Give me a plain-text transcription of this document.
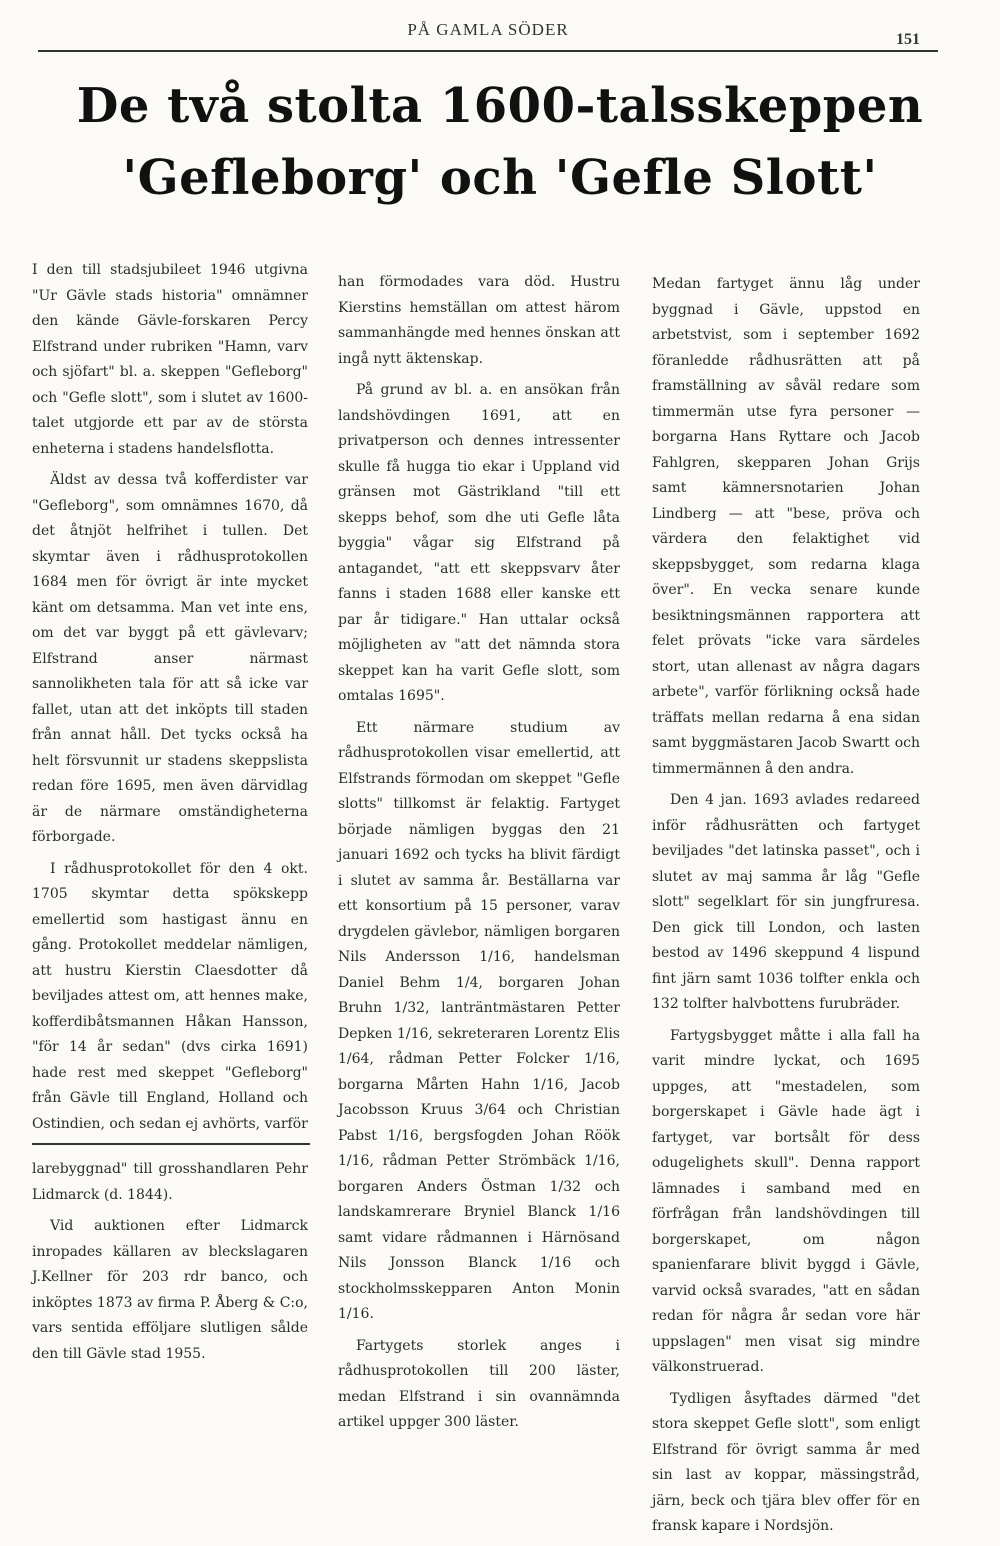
PÅ GAMLA SÖDER
151
De två stolta 1600-talsskeppen
'Gefleborg' och 'Gefle Slott'

I den till stadsjubileet 1946 utgivna "Ur Gävle stads historia" omnämner den kände Gävle-forskaren Percy Elfstrand under rubriken "Hamn, varv och sjöfart" bl. a. skeppen "Gefleborg" och "Gefle slott", som i slutet av 1600-talet utgjorde ett par av de största enheterna i stadens handelsflotta.

Äldst av dessa två kofferdister var "Gefleborg", som omnämnes 1670, då det åtnjöt helfrihet i tullen. Det skymtar även i rådhusprotokollen 1684 men för övrigt är inte mycket känt om detsamma. Man vet inte ens, om det var byggt på ett gävlevarv; Elfstrand anser närmast sannolikheten tala för att så icke var fallet, utan att det inköpts till staden från annat håll. Det tycks också ha helt försvunnit ur stadens skeppslista redan före 1695, men även därvidlag är de närmare omständigheterna förborgade.

I rådhusprotokollet för den 4 okt. 1705 skymtar detta spökskepp emellertid som hastigast ännu en gång. Protokollet meddelar nämligen, att hustru Kierstin Claesdotter då beviljades attest om, att hennes make, kofferdibåtsmannen Håkan Hansson, "för 14 år sedan" (dvs cirka 1691) hade rest med skeppet "Gefleborg" från Gävle till England, Holland och Ostindien, och sedan ej avhörts, varför

larebyggnad" till grosshandlaren Pehr Lidmarck (d. 1844).

Vid auktionen efter Lidmarck inropades källaren av bleckslagaren J.Kellner för 203 rdr banco, och inköptes 1873 av firma P. Åberg & C:o, vars sentida efföljare slutligen sålde den till Gävle stad 1955.

han förmodades vara död. Hustru Kierstins hemställan om attest härom sammanhängde med hennes önskan att ingå nytt äktenskap.

På grund av bl. a. en ansökan från landshövdingen 1691, att en privatperson och dennes intressenter skulle få hugga tio ekar i Uppland vid gränsen mot Gästrikland "till ett skepps behof, som dhe uti Gefle låta byggia" vågar sig Elfstrand på antagandet, "att ett skeppsvarv åter fanns i staden 1688 eller kanske ett par år tidigare." Han uttalar också möjligheten av "att det nämnda stora skeppet kan ha varit Gefle slott, som omtalas 1695".

Ett närmare studium av rådhusprotokollen visar emellertid, att Elfstrands förmodan om skeppet "Gefle slotts" tillkomst är felaktig. Fartyget började nämligen byggas den 21 januari 1692 och tycks ha blivit färdigt i slutet av samma år. Beställarna var ett konsortium på 15 personer, varav drygdelen gävlebor, nämligen borgaren Nils Andersson 1/16, handelsman Daniel Behm 1/4, borgaren Johan Bruhn 1/32, lanträntmästaren Petter Depken 1/16, sekreteraren Lorentz Elis 1/64, rådman Petter Folcker 1/16, borgarna Mårten Hahn 1/16, Jacob Jacobsson Kruus 3/64 och Christian Pabst 1/16, bergsfogden Johan Röök 1/16, rådman Petter Strömbäck 1/16, borgaren Anders Östman 1/32 och landskamrerare Bryniel Blanck 1/16 samt vidare rådmannen i Härnösand Nils Jonsson Blanck 1/16 och stockholmsskepparen Anton Monin 1/16.

Fartygets storlek anges i rådhusprotokollen till 200 läster, medan Elfstrand i sin ovannämnda artikel uppger 300 läster.

Medan fartyget ännu låg under byggnad i Gävle, uppstod en arbetstvist, som i september 1692 föranledde rådhusrätten att på framställning av såväl redare som timmermän utse fyra personer — borgarna Hans Ryttare och Jacob Fahlgren, skepparen Johan Grijs samt kämnersnotarien Johan Lindberg — att "bese, pröva och värdera den felaktighet vid skeppsbygget, som redarna klaga över". En vecka senare kunde besiktningsmännen rapportera att felet prövats "icke vara särdeles stort, utan allenast av några dagars arbete", varför förlikning också hade träffats mellan redarna å ena sidan samt byggmästaren Jacob Swartt och timmermännen å den andra.

Den 4 jan. 1693 avlades redareed inför rådhusrätten och fartyget beviljades "det latinska passet", och i slutet av maj samma år låg "Gefle slott" segelklart för sin jungfruresa. Den gick till London, och lasten bestod av 1496 skeppund 4 lispund fint järn samt 1036 tolfter enkla och 132 tolfter halvbottens furubräder.

Fartygsbygget måtte i alla fall ha varit mindre lyckat, och 1695 uppges, att "mestadelen, som borgerskapet i Gävle hade ägt i fartyget, var bortsålt för dess odugelighets skull". Denna rapport lämnades i samband med en förfrågan från landshövdingen till borgerskapet, om någon spanienfarare blivit byggd i Gävle, varvid också svarades, "att en sådan redan för några år sedan vore här uppslagen" men visat sig mindre välkonstruerad.

Tydligen åsyftades därmed "det stora skeppet Gefle slott", som enligt Elfstrand för övrigt samma år med sin last av koppar, mässingstråd, järn, beck och tjära blev offer för en fransk kapare i Nordsjön.
